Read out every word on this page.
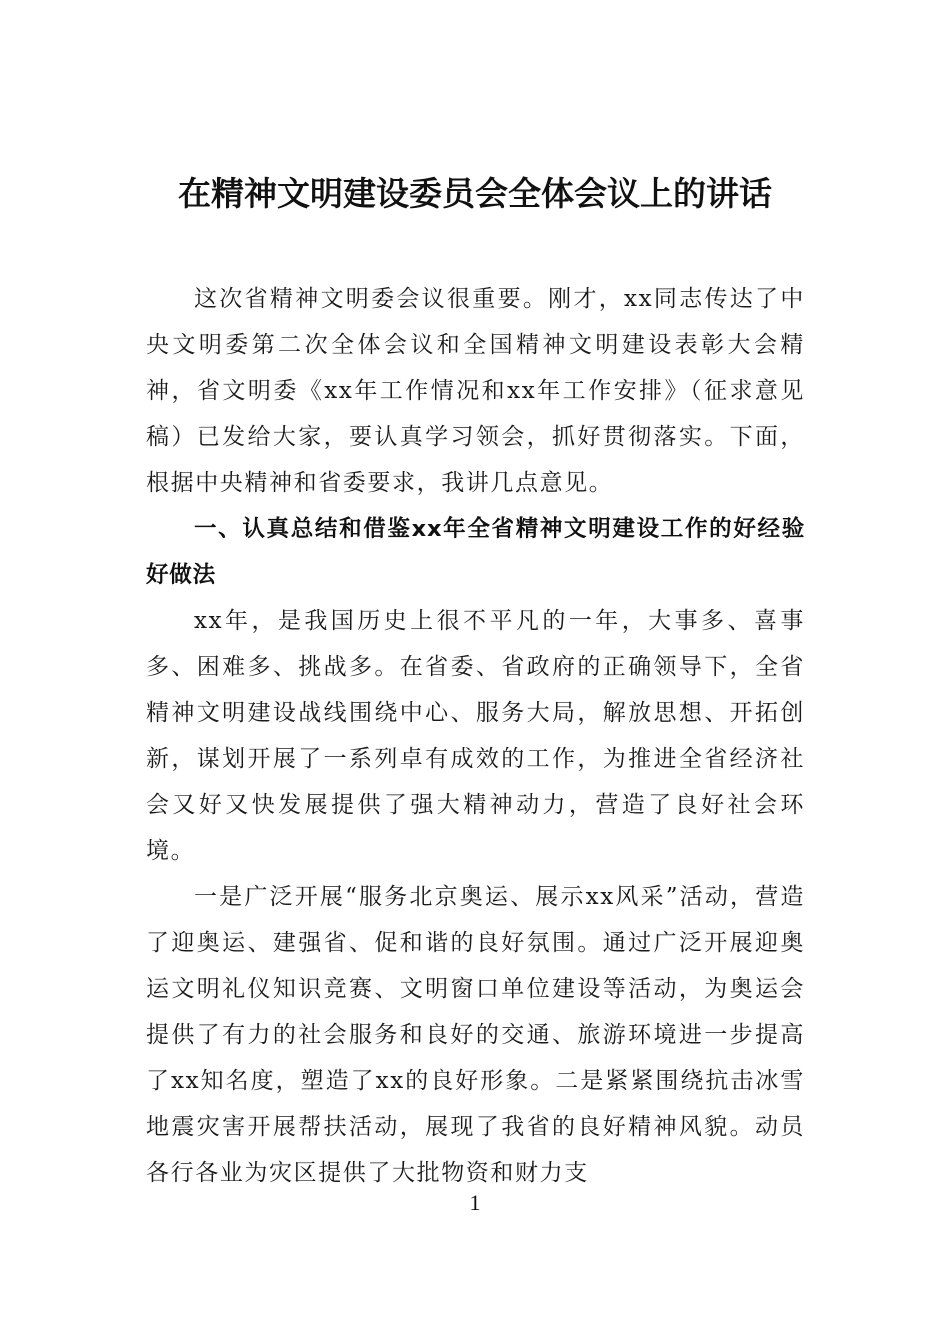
在精神文明建设委员会全体会议上的讲话

这次省精神文明委会议很重要。刚才，xx同志传达了中央文明委第二次全体会议和全国精神文明建设表彰大会精神，省文明委《xx年工作情况和xx年工作安排》（征求意见稿）已发给大家，要认真学习领会，抓好贯彻落实。下面，根据中央精神和省委要求，我讲几点意见。

一、认真总结和借鉴xx年全省精神文明建设工作的好经验好做法

xx年，是我国历史上很不平凡的一年，大事多、喜事多、困难多、挑战多。在省委、省政府的正确领导下，全省精神文明建设战线围绕中心、服务大局，解放思想、开拓创新，谋划开展了一系列卓有成效的工作，为推进全省经济社会又好又快发展提供了强大精神动力，营造了良好社会环境。

一是广泛开展“服务北京奥运、展示xx风采”活动，营造了迎奥运、建强省、促和谐的良好氛围。通过广泛开展迎奥运文明礼仪知识竞赛、文明窗口单位建设等活动，为奥运会提供了有力的社会服务和良好的交通、旅游环境进一步提高了xx知名度，塑造了xx的良好形象。二是紧紧围绕抗击冰雪地震灾害开展帮扶活动，展现了我省的良好精神风貌。动员各行各业为灾区提供了大批物资和财力支

1
